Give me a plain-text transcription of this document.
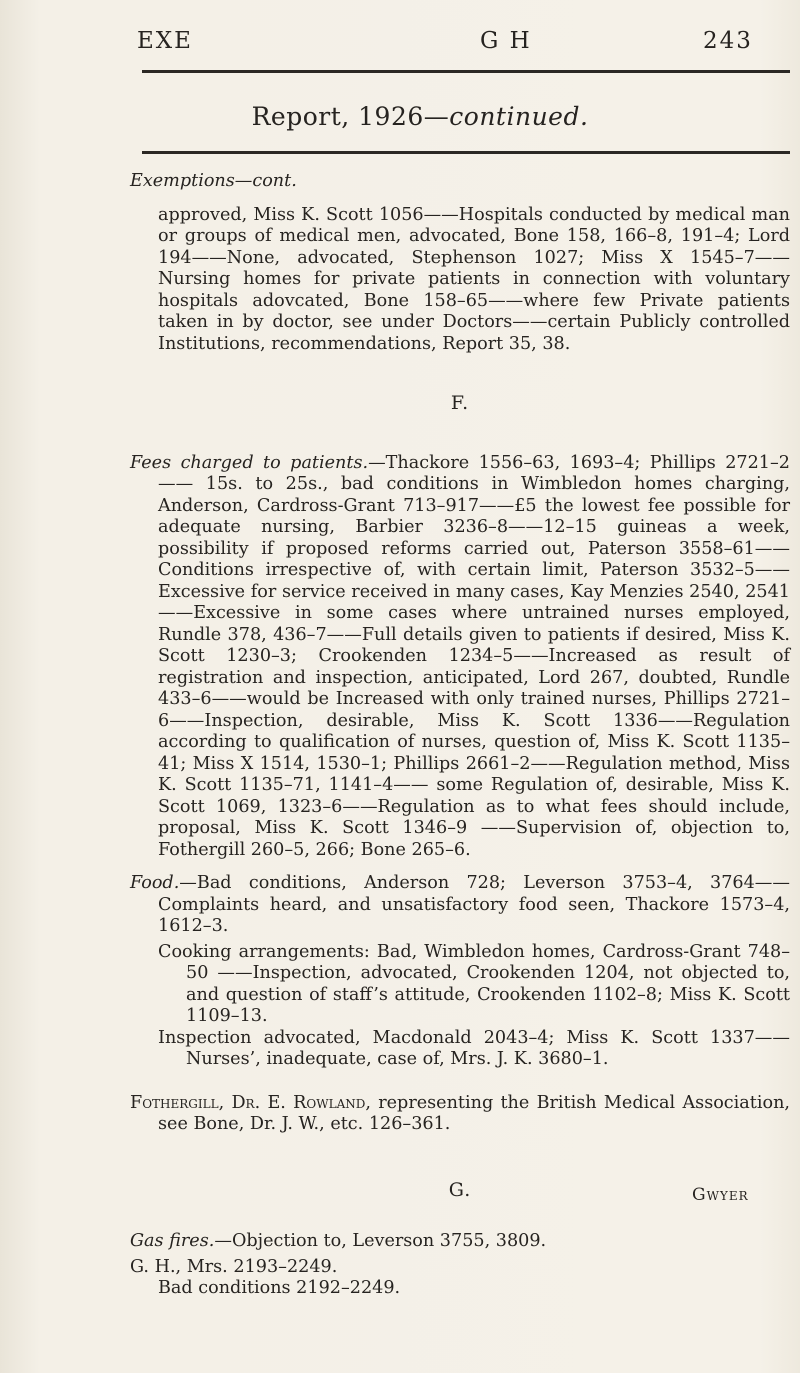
EXE	G H	243
Report, 1926—continued.

Exemptions—cont.

approved, Miss K. Scott 1056——Hospitals conducted by medical man or groups of medical men, advocated, Bone 158, 166–8, 191–4; Lord 194——None, advocated, Stephenson 1027; Miss X 1545–7——Nursing homes for private patients in connection with voluntary hospitals adovcated, Bone 158–65——where few Private patients taken in by doctor, see under Doctors——certain Publicly controlled Institutions, recommendations, Report 35, 38.

F.

Fees charged to patients.—Thackore 1556–63, 1693–4; Phillips 2721–2—— 15s. to 25s., bad conditions in Wimbledon homes charging, Anderson, Cardross-Grant 713–917——£5 the lowest fee possible for adequate nursing, Barbier 3236–8——12–15 guineas a week, possibility if proposed reforms carried out, Paterson 3558–61——Conditions irrespective of, with certain limit, Paterson 3532–5——Excessive for service received in many cases, Kay Menzies 2540, 2541——Excessive in some cases where untrained nurses employed, Rundle 378, 436–7——Full details given to patients if desired, Miss K. Scott 1230–3; Crookenden 1234–5——Increased as result of registration and inspection, anticipated, Lord 267, doubted, Rundle 433–6——would be Increased with only trained nurses, Phillips 2721–6——Inspection, desirable, Miss K. Scott 1336——Regulation according to qualification of nurses, question of, Miss K. Scott 1135–41; Miss X 1514, 1530–1; Phillips 2661–2——Regulation method, Miss K. Scott 1135–71, 1141–4—— some Regulation of, desirable, Miss K. Scott 1069, 1323–6——Regulation as to what fees should include, proposal, Miss K. Scott 1346–9 ——Supervision of, objection to, Fothergill 260–5, 266; Bone 265–6.

Food.—Bad conditions, Anderson 728; Leverson 3753–4, 3764——Complaints heard, and unsatisfactory food seen, Thackore 1573–4, 1612–3.

Cooking arrangements: Bad, Wimbledon homes, Cardross-Grant 748–50 ——Inspection, advocated, Crookenden 1204, not objected to, and question of staff’s attitude, Crookenden 1102–8; Miss K. Scott 1109–13.

Inspection advocated, Macdonald 2043–4; Miss K. Scott 1337—— Nurses’, inadequate, case of, Mrs. J. K. 3680–1.

Fothergill, Dr. E. Rowland, representing the British Medical Association, see Bone, Dr. J. W., etc. 126–361.

G.

Gas fires.—Objection to, Leverson 3755, 3809.

G. H., Mrs. 2193–2249.

Bad conditions 2192–2249.

Gwyer
